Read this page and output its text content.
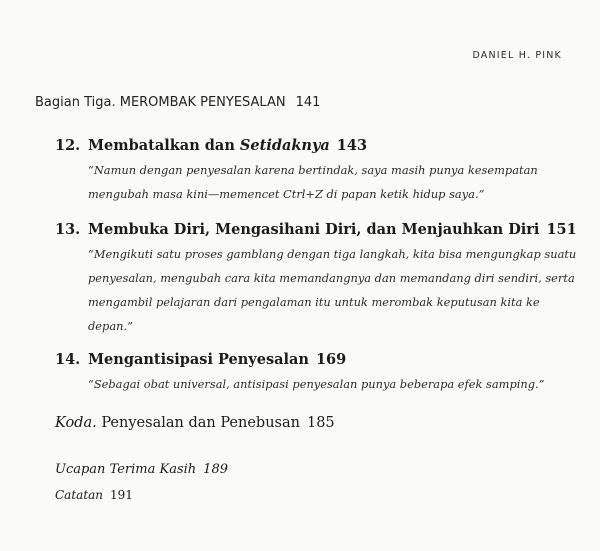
DANIEL H. PINK
Bagian Tiga. MEROMBAK PENYESALAN 141
12. Membatalkan dan Setidaknya 143
“Namun dengan penyesalan karena bertindak, saya masih punya kesempatan mengubah masa kini—memencet Ctrl+Z di papan ketik hidup saya.”
13. Membuka Diri, Mengasihani Diri, dan Menjauhkan Diri 151
“Mengikuti satu proses gamblang dengan tiga langkah, kita bisa mengungkap suatu penyesalan, mengubah cara kita memandangnya dan memandang diri sendiri, serta mengambil pelajaran dari pengalaman itu untuk merombak keputusan kita ke depan.”
14. Mengantisipasi Penyesalan 169
“Sebagai obat universal, antisipasi penyesalan punya beberapa efek samping.”
Koda. Penyesalan dan Penebusan 185
Ucapan Terima Kasih 189
Catatan 191
